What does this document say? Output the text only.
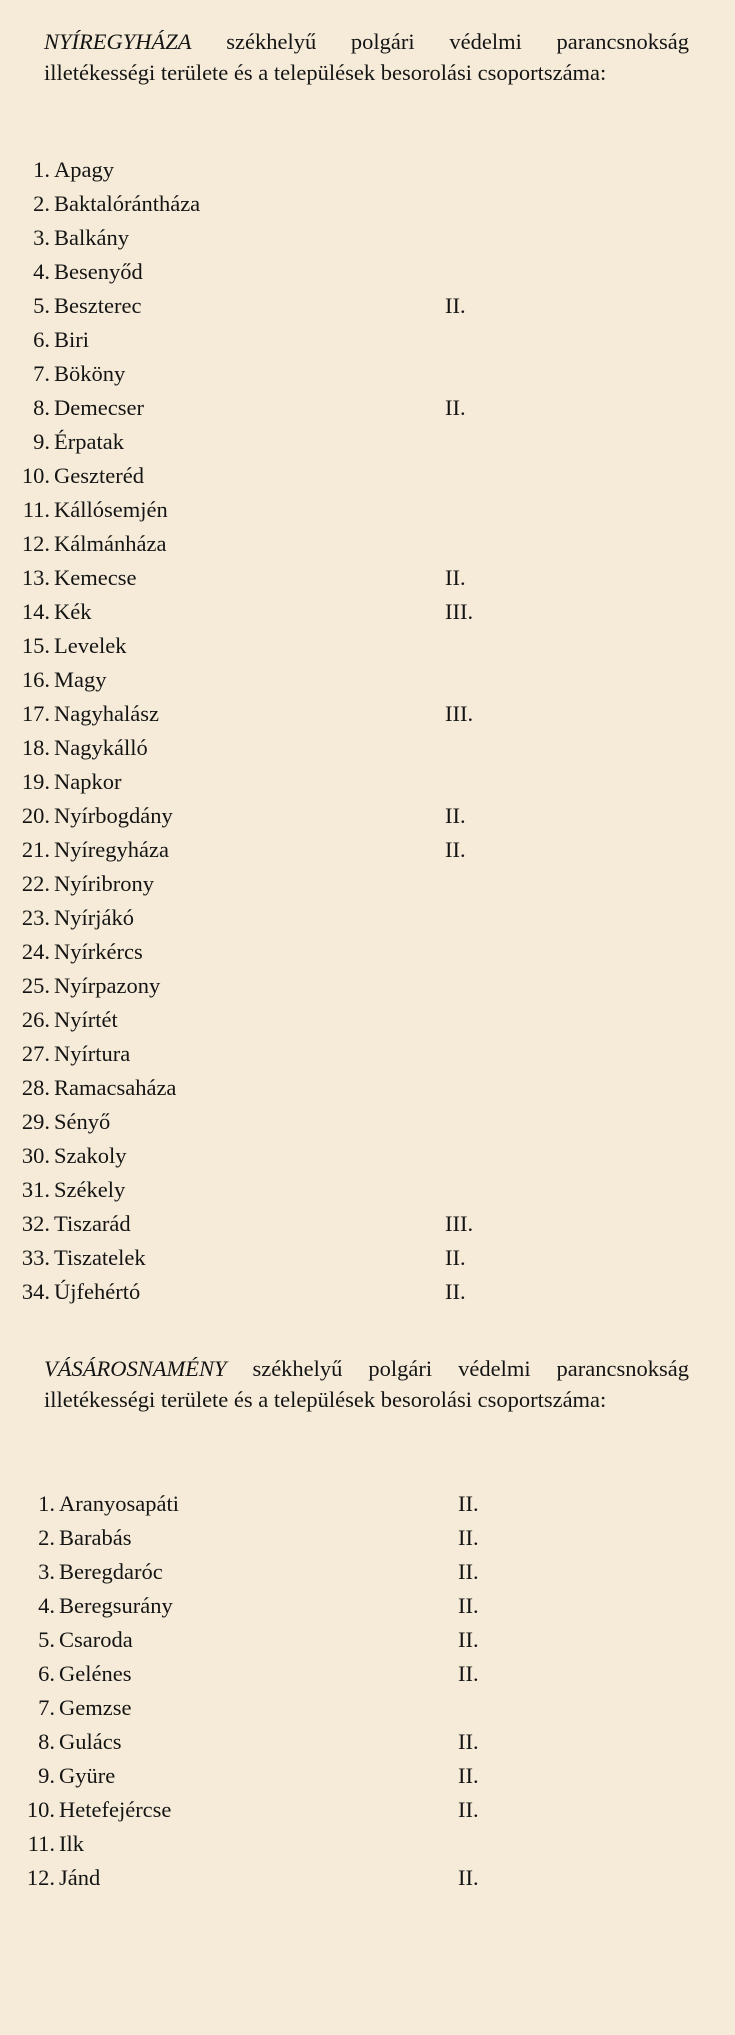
NYÍREGYHÁZA székhelyű polgári védelmi parancsnokság illetékességi területe és a települések besorolási csoportszáma:

1. Apagy
2. Baktalórántháza
3. Balkány
4. Besenyőd
5. Beszterec	II.
6. Biri
7. Bököny
8. Demecser	II.
9. Érpatak
10. Geszteréd
11. Kállósemjén
12. Kálmánháza
13. Kemecse	II.
14. Kék	III.
15. Levelek
16. Magy
17. Nagyhalász	III.
18. Nagykálló
19. Napkor
20. Nyírbogdány	II.
21. Nyíregyháza	II.
22. Nyíribrony
23. Nyírjákó
24. Nyírkércs
25. Nyírpazony
26. Nyírtét
27. Nyírtura
28. Ramacsaháza
29. Sényő
30. Szakoly
31. Székely
32. Tiszarád	III.
33. Tiszatelek	II.
34. Újfehértó	II.

VÁSÁROSNAMÉNY székhelyű polgári védelmi parancsnokság illetékességi területe és a települések besorolási csoportszáma:

1. Aranyosapáti	II.
2. Barabás	II.
3. Beregdaróc	II.
4. Beregsurány	II.
5. Csaroda	II.
6. Gelénes	II.
7. Gemzse
8. Gulács	II.
9. Gyüre	II.
10. Hetefejércse	II.
11. Ilk
12. Jánd	II.
